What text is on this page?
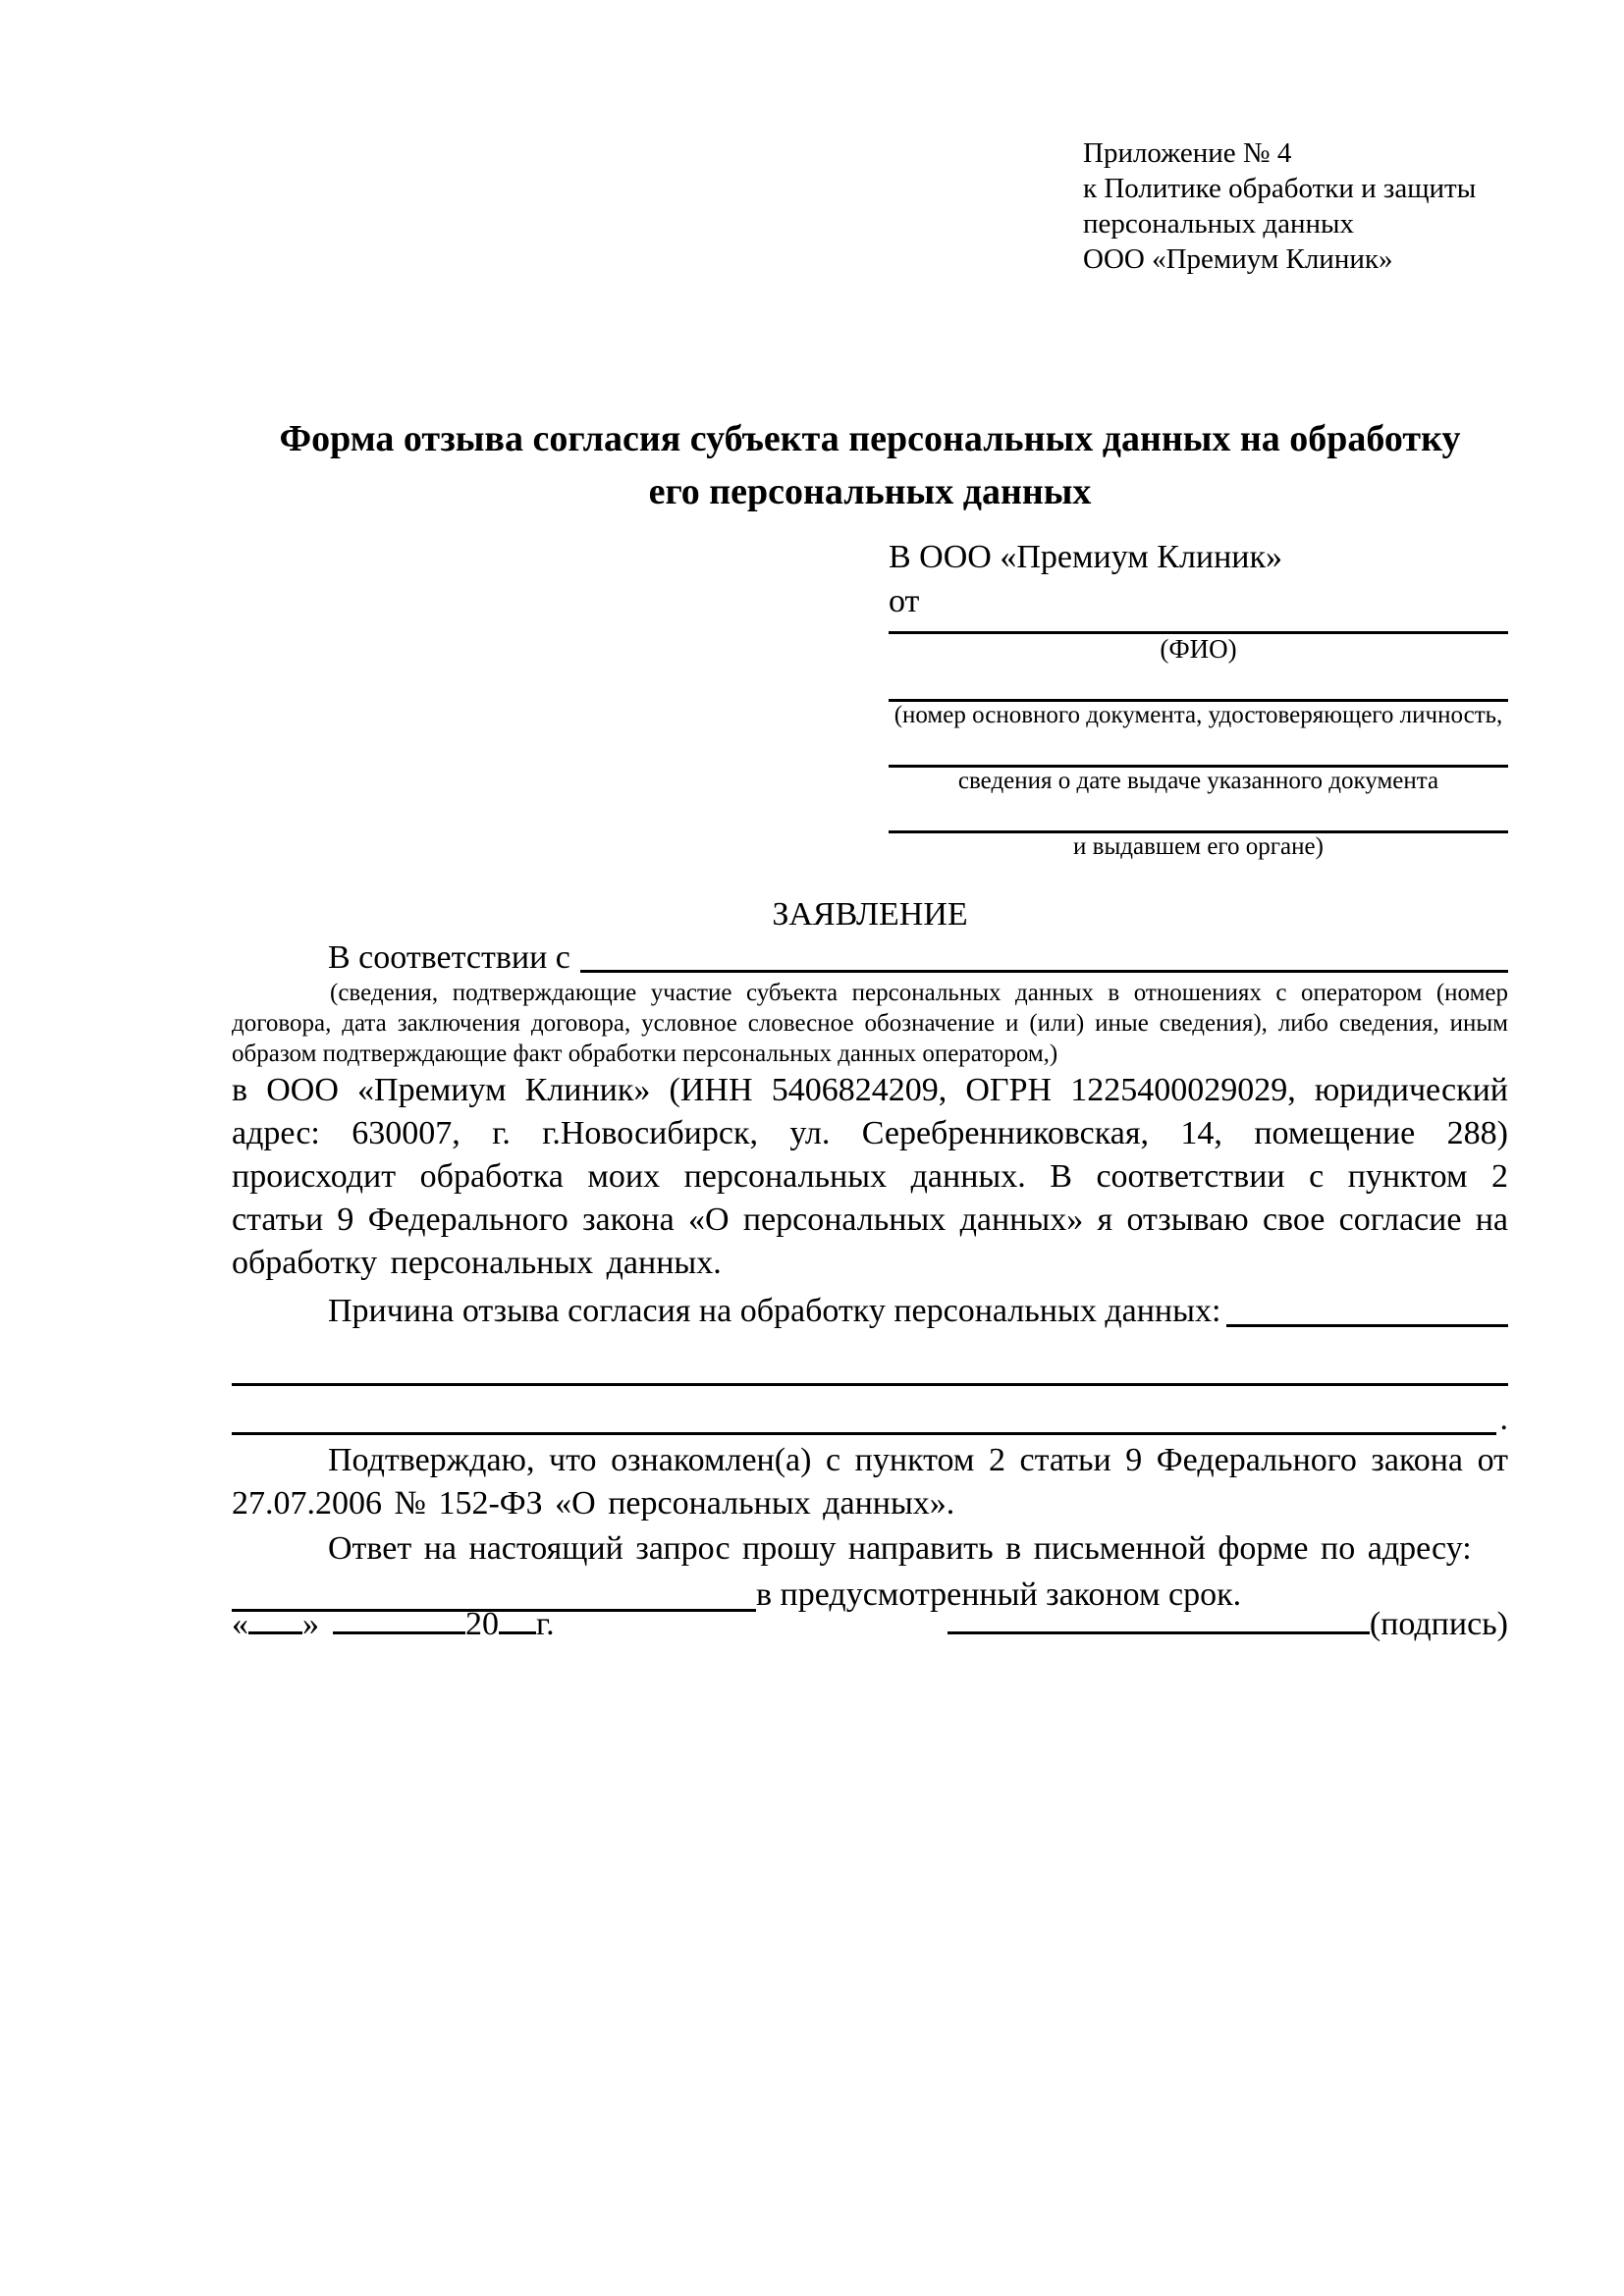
Приложение № 4
к Политике обработки и защиты
персональных данных
ООО «Премиум Клиник»
Форма отзыва согласия субъекта персональных данных на обработку
его персональных данных
В ООО «Премиум Клиник»
от
(ФИО)
(номер основного документа, удостоверяющего личность,
сведения о дате выдаче указанного документа
и выдавшем его органе)
ЗАЯВЛЕНИЕ
В соответствии с

(сведения, подтверждающие участие субъекта персональных данных в отношениях с оператором (номер договора, дата заключения договора, условное словесное обозначение и (или) иные сведения), либо сведения, иным образом подтверждающие факт обработки персональных данных оператором,)

в ООО «Премиум Клиник» (ИНН 5406824209, ОГРН 1225400029029, юридический адрес: 630007, г. г.Новосибирск, ул. Серебренниковская, 14, помещение 288) происходит обработка моих персональных данных. В соответствии с пунктом 2 статьи 9 Федерального закона «О персональных данных» я отзываю свое согласие на обработку персональных данных.

Причина отзыва согласия на обработку персональных данных:
.

Подтверждаю, что ознакомлен(а) с пунктом 2 статьи 9 Федерального закона от 27.07.2006 № 152-ФЗ «О персональных данных».

Ответ на настоящий запрос прошу направить в письменной форме по адресу:

в предусмотренный законом срок.
« »	20 г.	(подпись)
